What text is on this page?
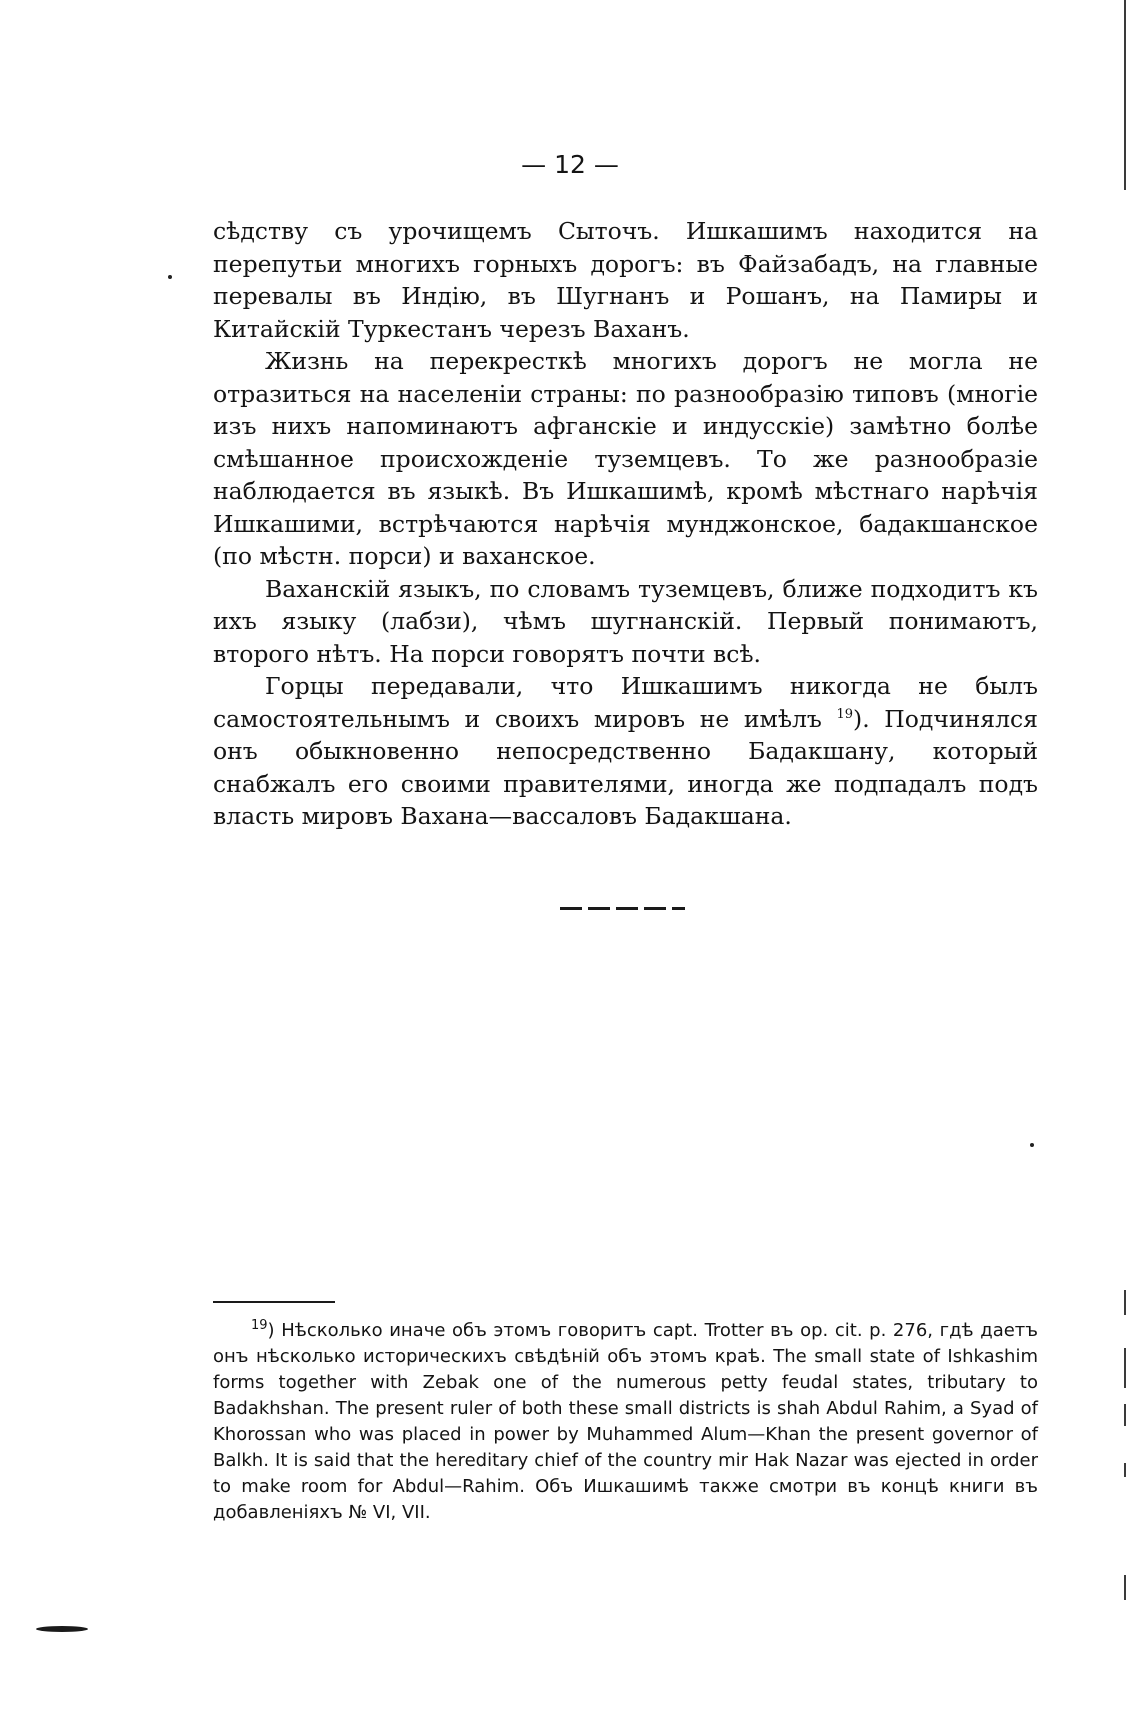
— 12 —

сѣдству съ урочищемъ Сыточъ. Ишкашимъ находится на перепутьи многихъ горныхъ дорогъ: въ Файзабадъ, на главные перевалы въ Индію, въ Шугнанъ и Рошанъ, на Памиры и Китайскій Туркестанъ черезъ Ваханъ.

Жизнь на перекресткѣ многихъ дорогъ не могла не отразиться на населеніи страны: по разнообразію типовъ (многіе изъ нихъ напоминаютъ афганскіе и индусскіе) замѣтно болѣе смѣшанное происхожденіе туземцевъ. То же разнообразіе наблюдается въ языкѣ. Въ Ишкашимѣ, кромѣ мѣстнаго нарѣчія Ишкашими, встрѣчаются нарѣчія мунджонское, бадакшанское (по мѣстн. порси) и ваханское.

Ваханскій языкъ, по словамъ туземцевъ, ближе подходитъ къ ихъ языку (лабзи), чѣмъ шугнанскій. Первый понимаютъ, второго нѣтъ. На порси говорятъ почти всѣ.

Горцы передавали, что Ишкашимъ никогда не былъ самостоятельнымъ и своихъ мировъ не имѣлъ $^{19}$). Подчинялся онъ обыкновенно непосредственно Бадакшану, который снабжалъ его своими правителями, иногда же подпадалъ подъ власть мировъ Вахана—вассаловъ Бадакшана.

$^{19}$) Нѣсколько иначе объ этомъ говоритъ capt. Trotter въ op. cit. p. 276, гдѣ даетъ онъ нѣсколько историческихъ свѣдѣній объ этомъ краѣ. The small state of Ishkashim forms together with Zebak one of the numerous petty feudal states, tributary to Badakhshan. The present ruler of both these small districts is shah Abdul Rahim, a Syad of Khorossan who was placed in power by Muhammed Alum—Khan the present governor of Balkh. It is said that the hereditary chief of the country mir Hak Nazar was ejected in order to make room for Abdul—Rahim. Объ Ишкашимѣ также смотри въ концѣ книги въ добавленіяхъ № VI, VII.
